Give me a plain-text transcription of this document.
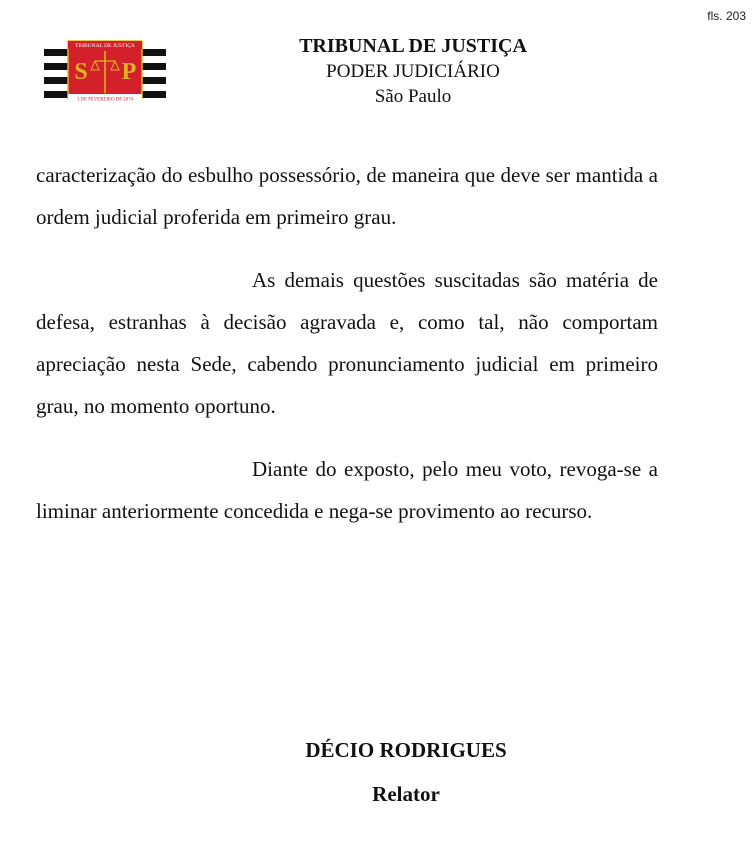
fls. 203
TRIBUNAL DE JUSTIÇA
S P
3 DE FEVEREIRO DE 1874
TRIBUNAL DE JUSTIÇA
PODER JUDICIÁRIO
São Paulo

caracterização do esbulho possessório, de maneira que deve ser mantida a ordem judicial proferida em primeiro grau.

As demais questões suscitadas são matéria de defesa, estranhas à decisão agravada e, como tal, não comportam apreciação nesta Sede, cabendo pronunciamento judicial em primeiro grau, no momento oportuno.

Diante do exposto, pelo meu voto, revoga-se a liminar anteriormente concedida e nega-se provimento ao recurso.

DÉCIO RODRIGUES
Relator
